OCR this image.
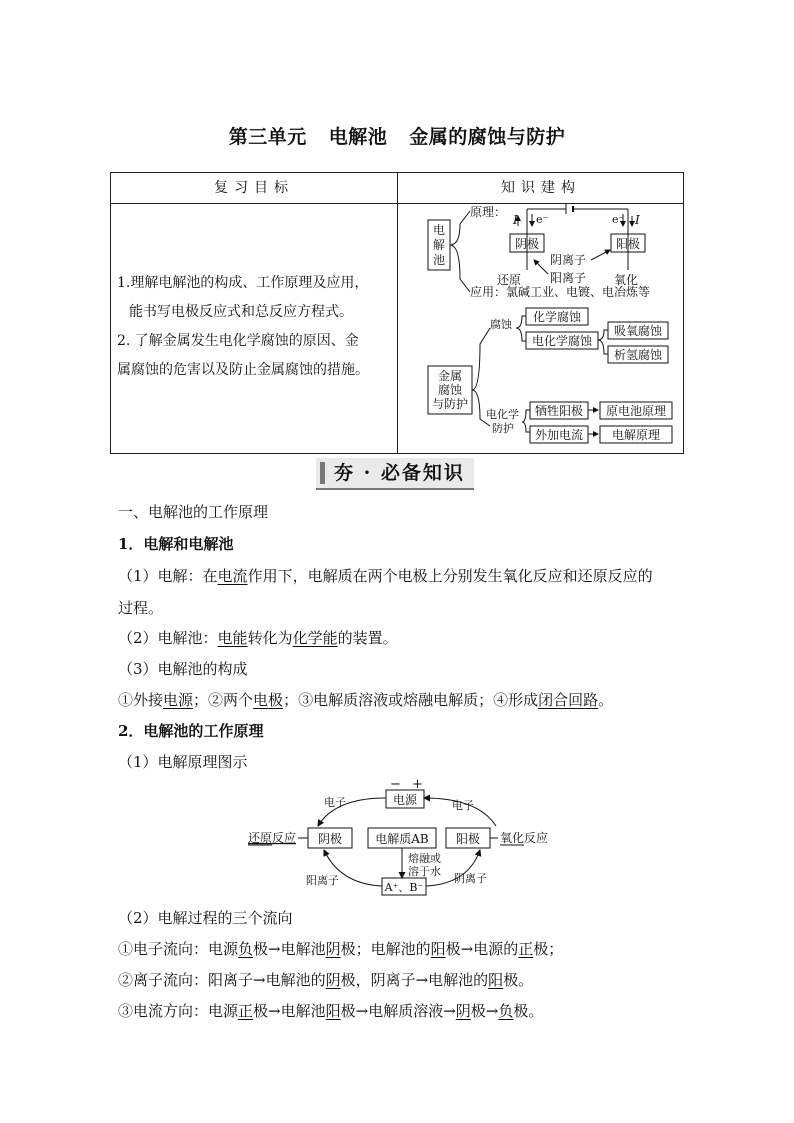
第三单元 电解池 金属的腐蚀与防护
复习目标	知识建构

1.理解电解池的构成、工作原理及应用，

能书写电极反应式和总反应方程式。

2. 了解金属发生电化学腐蚀的原因、金

属腐蚀的危害以及防止金属腐蚀的措施。

电
解
池
原理：
I e⁻	e⁻ I
阴极	阳极
阴离子
阳离子
还原	氧化
应用：氯碱工业、电镀、电冶炼等
金属
腐蚀
与防护
腐蚀
化学腐蚀
电化学腐蚀
吸氧腐蚀
析氢腐蚀
电化学
防护
牺牲阳极 原电池原理
外加电流 电解原理
夯 · 必备知识
一、电解池的工作原理
1．电解和电解池
（1）电解：在电流作用下，电解质在两个电极上分别发生氧化反应和还原反应的
过程。
（2）电解池：电能转化为化学能的装置。
（3）电解池的构成
①外接电源；②两个电极；③电解质溶液或熔融电解质；④形成闭合回路。
2．电解池的工作原理
（1）电解原理图示
− +
电源
电子	电子
还原反应 阴极	电解质AB 阳极 氧化反应
熔融或
溶于水
A⁺、B⁻
阳离子	阴离子
（2）电解过程的三个流向
①电子流向：电源负极→电解池阴极；电解池的阳极→电源的正极；
②离子流向：阳离子→电解池的阴极，阴离子→电解池的阳极。
③电流方向：电源正极→电解池阳极→电解质溶液→阴极→负极。
